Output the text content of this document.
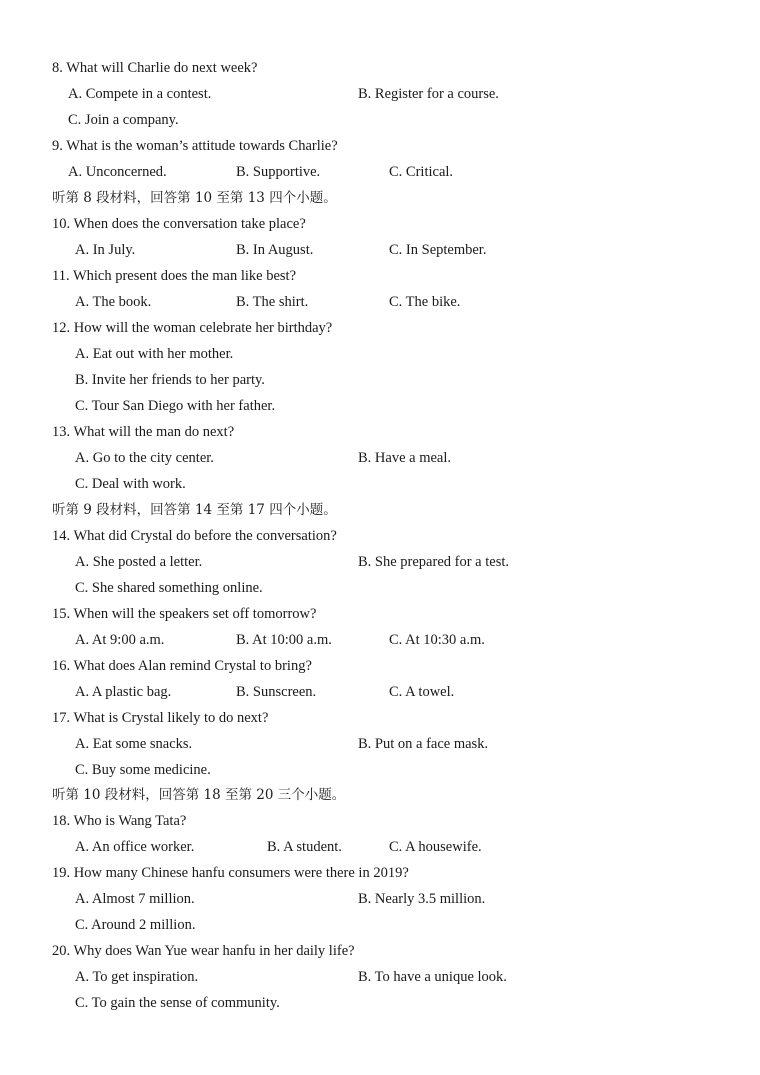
8. What will Charlie do next week?
A. Compete in a contest.	B. Register for a course.
C. Join a company.
9. What is the woman’s attitude towards Charlie?
A. Unconcerned.	B. Supportive.	C. Critical.
听第 8 段材料，回答第 10 至第 13 四个小题。
10. When does the conversation take place?
A. In July.	B. In August.	C. In September.
11. Which present does the man like best?
A. The book.	B. The shirt.	C. The bike.
12. How will the woman celebrate her birthday?
A. Eat out with her mother.
B. Invite her friends to her party.
C. Tour San Diego with her father.
13. What will the man do next?
A. Go to the city center.	B. Have a meal.
C. Deal with work.
听第 9 段材料，回答第 14 至第 17 四个小题。
14. What did Crystal do before the conversation?
A. She posted a letter.	B. She prepared for a test.
C. She shared something online.
15. When will the speakers set off tomorrow?
A. At 9:00 a.m.	B. At 10:00 a.m.	C. At 10:30 a.m.
16. What does Alan remind Crystal to bring?
A. A plastic bag.	B. Sunscreen.	C. A towel.
17. What is Crystal likely to do next?
A. Eat some snacks.	B. Put on a face mask.
C. Buy some medicine.
听第 10 段材料，回答第 18 至第 20 三个小题。
18. Who is Wang Tata?
A. An office worker.	B. A student.	C. A housewife.
19. How many Chinese hanfu consumers were there in 2019?
A. Almost 7 million.	B. Nearly 3.5 million.
C. Around 2 million.
20. Why does Wan Yue wear hanfu in her daily life?
A. To get inspiration.	B. To have a unique look.
C. To gain the sense of community.
